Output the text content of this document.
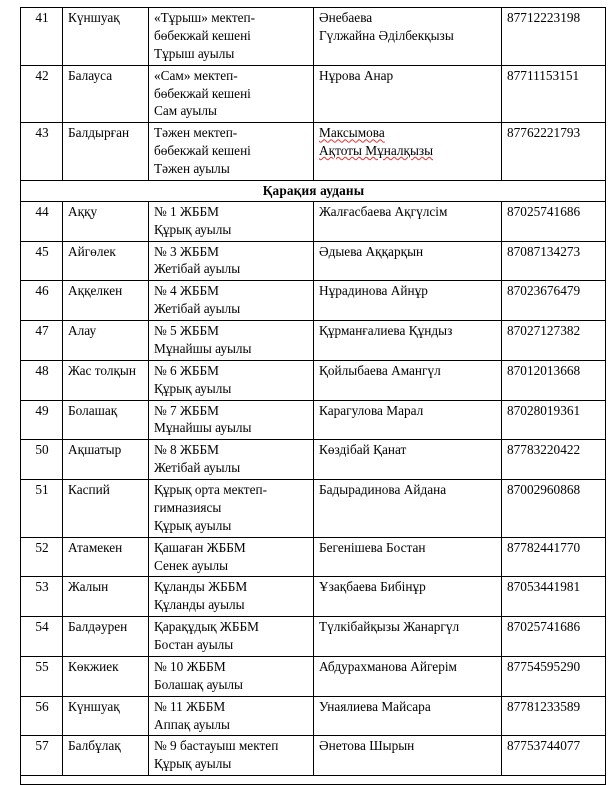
41	Күншуақ	«Тұрыш» мектеп-
бөбекжай кешені
Тұрыш ауылы	Әнебаева
Гүлжайна Әділбекқызы	87712223198
42	Балауса	«Сам» мектеп-
бөбекжай кешені
Сам ауылы	Нұрова Анар	87711153151
43	Балдырған	Тәжен мектеп-
бөбекжай кешені
Тәжен ауылы	Максымова
Ақтоты Мұналқызы	87762221793
Қарақия ауданы				
44	Аққу	№ 1 ЖББМ
Құрық ауылы	Жалғасбаева Ақгүлсім	87025741686
45	Айгөлек	№ 3 ЖББМ
Жетібай ауылы	Әдыева Аққарқын	87087134273
46	Аққелкен	№ 4 ЖББМ
Жетібай ауылы	Нұрадинова Айнұр	87023676479
47	Алау	№ 5 ЖББМ
Мұнайшы ауылы	Құрманғалиева Құндыз	87027127382
48	Жас толқын	№ 6 ЖББМ
Құрық ауылы	Қойлыбаева Амангүл	87012013668
49	Болашақ	№ 7 ЖББМ
Мұнайшы ауылы	Карагулова Марал	87028019361
50	Ақшатыр	№ 8 ЖББМ
Жетібай ауылы	Көздібай Қанат	87783220422
51	Каспий	Құрық орта мектеп-
гимназиясы
Құрық ауылы	Бадырадинова Айдана	87002960868
52	Атамекен	Қашаған ЖББМ
Сенек ауылы	Бегенішева Бостан	87782441770
53	Жалын	Құланды ЖББМ
Құланды ауылы	Ұзақбаева Бибінұр	87053441981
54	Балдәурен	Қарақұдық ЖББМ
Бостан ауылы	Түлкібайқызы Жанаргүл	87025741686
55	Көкжиек	№ 10 ЖББМ
Болашақ ауылы	Абдурахманова Айгерім	87754595290
56	Күншуақ	№ 11 ЖББМ
Аппақ ауылы	Унаялиева Майсара	87781233589
57	Балбұлақ	№ 9 бастауыш мектеп
Құрық ауылы	Әнетова Шырын	87753744077
